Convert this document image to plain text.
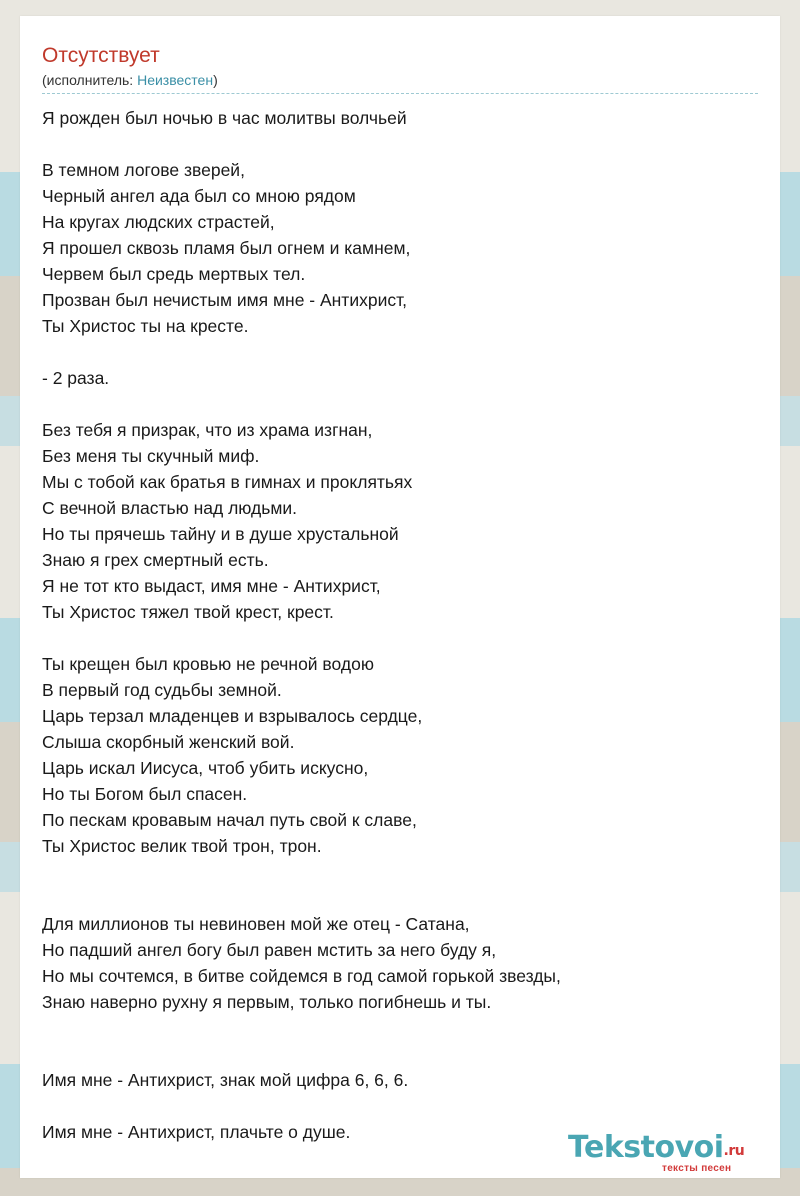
Отсутствует
(исполнитель: Неизвестен)
Я рожден был ночью в час молитвы волчьей
В темном логове зверей,
Черный ангел ада был со мною рядом
На кругах людских страстей,
Я прошел сквозь пламя был огнем и камнем,
Червем был средь мертвых тел.
Прозван был нечистым имя мне - Антихрист,
Ты Христос ты на кресте.
- 2 раза.
Без тебя я призрак, что из храма изгнан,
Без меня ты скучный миф.
Мы с тобой как братья в гимнах и проклятьях
С вечной властью над людьми.
Но ты прячешь тайну и в душе хрустальной
Знаю я грех смертный есть.
Я не тот кто выдаст, имя мне - Антихрист,
Ты Христос тяжел твой крест, крест.
Ты крещен был кровью не речной водою
В первый год судьбы земной.
Царь терзал младенцев и взрывалось сердце,
Слыша скорбный женский вой.
Царь искал Иисуса, чтоб убить искусно,
Но ты Богом был спасен.
По пескам кровавым начал путь свой к славе,
Ты Христос велик твой трон, трон.
Для миллионов ты невиновен мой же отец - Сатана,
Но падший ангел богу был равен мстить за него буду я,
Но мы сочтемся, в битве сойдемся в год самой горькой звезды,
Знаю наверно рухну я первым, только погибнешь и ты.
Имя мне - Антихрист, знак мой цифра 6, 6, 6.
Имя мне - Антихрист, плачьте о душе.	Tekstovoi.ru
тексты песен
